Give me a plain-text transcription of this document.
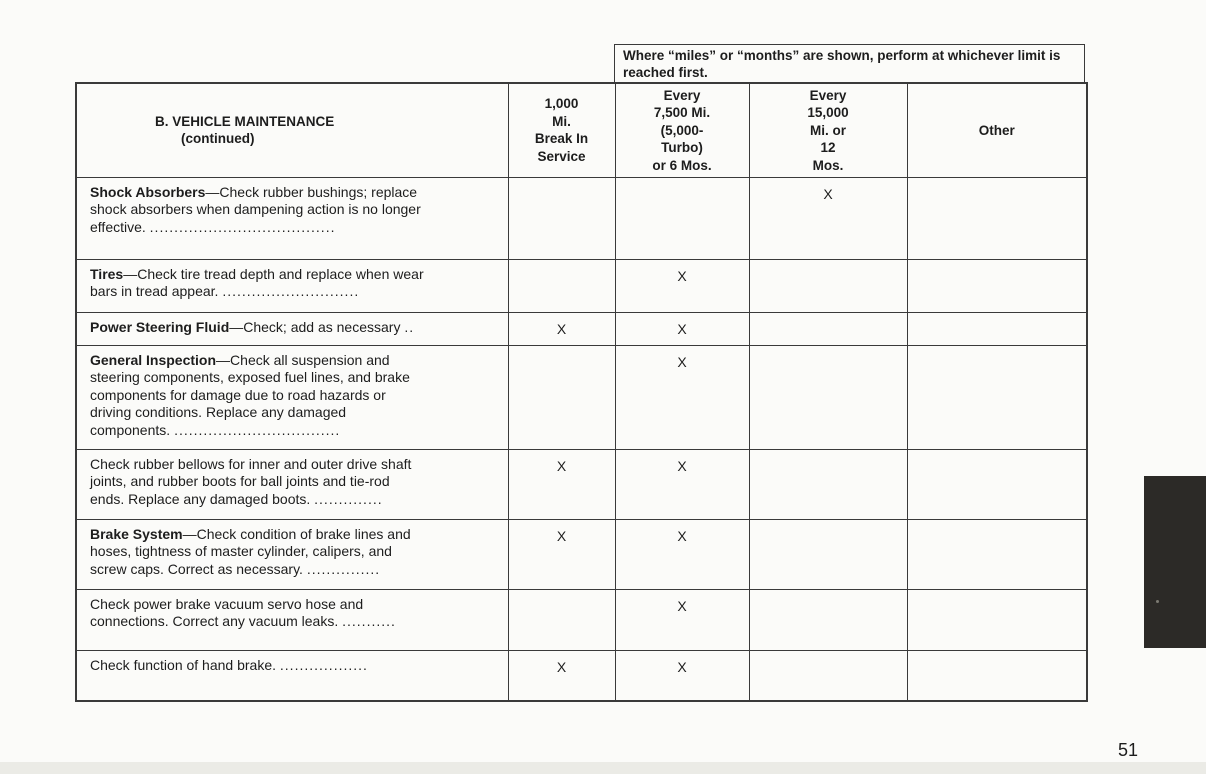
Where “miles” or “months” are shown, perform at whichever limit is reached first.
B. VEHICLE MAINTENANCE
(continued)	1,000
Mi.
Break In
Service	Every
7,500 Mi.
(5,000-
Turbo)
or 6 Mos.	Every
15,000
Mi. or
12
Mos.	Other

Shock Absorbers—Check rubber bushings; replace
shock absorbers when dampening action is no longer
effective. ......................................			X	
Tires—Check tire tread depth and replace when wear
bars in tread appear. ............................		X		
Power Steering Fluid—Check; add as necessary ..	X	X		
General Inspection—Check all suspension and
steering components, exposed fuel lines, and brake
components for damage due to road hazards or
driving conditions. Replace any damaged
components. ..................................		X		
Check rubber bellows for inner and outer drive shaft
joints, and rubber boots for ball joints and tie-rod
ends. Replace any damaged boots. ..............	X	X		
Brake System—Check condition of brake lines and
hoses, tightness of master cylinder, calipers, and
screw caps. Correct as necessary. ...............	X	X		
Check power brake vacuum servo hose and
connections. Correct any vacuum leaks. ...........		X		
Check function of hand brake. ..................	X	X		
51
